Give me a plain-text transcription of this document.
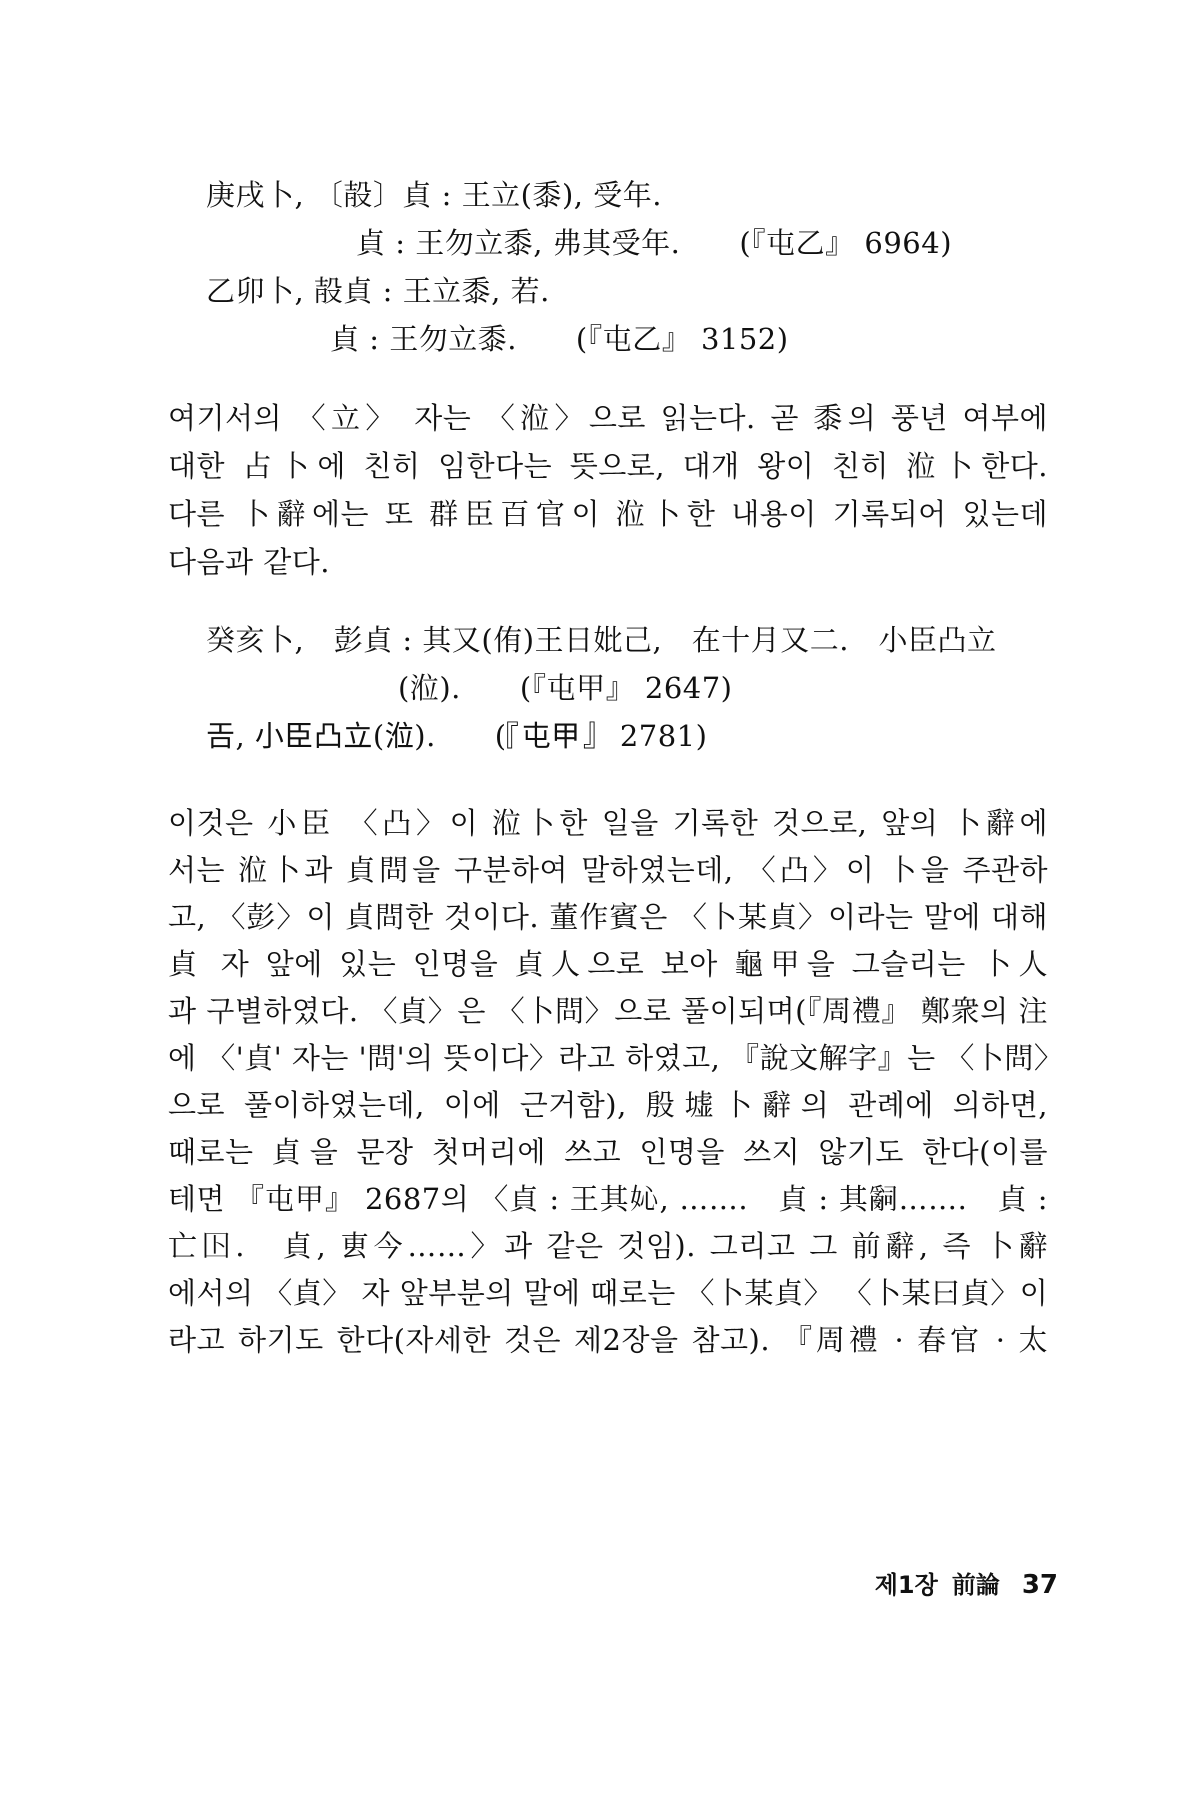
庚戌卜, 〔㱿〕貞 : 王立(黍), 受年.
貞 : 王勿立黍, 弗其受年.　　(『屯乙』 6964)
乙卯卜, 㱿貞 : 王立黍, 若.
貞 : 王勿立黍.　　(『屯乙』 3152)
여기서의 〈立〉 자는 〈涖〉으로 읽는다. 곧 黍의 풍년 여부에
대한 占卜에 친히 임한다는 뜻으로, 대개 왕이 친히 涖卜한다.
다른 卜辭에는 또 群臣百官이 涖卜한 내용이 기록되어 있는데
다음과 같다.
癸亥卜,　彭貞 : 其又(侑)王日妣己,　在十月又二.　小臣凸立
(涖).　　(『屯甲』 2647)
𢀛, 小臣凸立(涖).　　(『屯甲』 2781)
이것은 小臣 〈凸〉이 涖卜한 일을 기록한 것으로, 앞의 卜辭에
서는 涖卜과 貞問을 구분하여 말하였는데, 〈凸〉이 卜을 주관하
고, 〈彭〉이 貞問한 것이다. 董作賓은 〈卜某貞〉이라는 말에 대해
貞 자 앞에 있는 인명을 貞人으로 보아 龜甲을 그슬리는 卜人
과 구별하였다. 〈貞〉은 〈卜問〉으로 풀이되며(『周禮』 鄭衆의 注
에 〈'貞' 자는 '問'의 뜻이다〉라고 하였고, 『說文解字』는 〈卜問〉
으로 풀이하였는데, 이에 근거함), 殷墟卜辭의 관례에 의하면,
때로는 貞을 문장 첫머리에 쓰고 인명을 쓰지 않기도 한다(이를
테면 『屯甲』 2687의 〈貞 : 王其𡚿, …….　貞 : 其𤔲…….　貞 :
亡𡆥.　貞, 叀今……〉과 같은 것임). 그리고 그 前辭, 즉 卜辭
에서의 〈貞〉 자 앞부분의 말에 때로는 〈卜某貞〉 〈卜某曰貞〉이
라고 하기도 한다(자세한 것은 제2장을 참고). 『周禮 · 春官 · 太
제1장 前論 37
